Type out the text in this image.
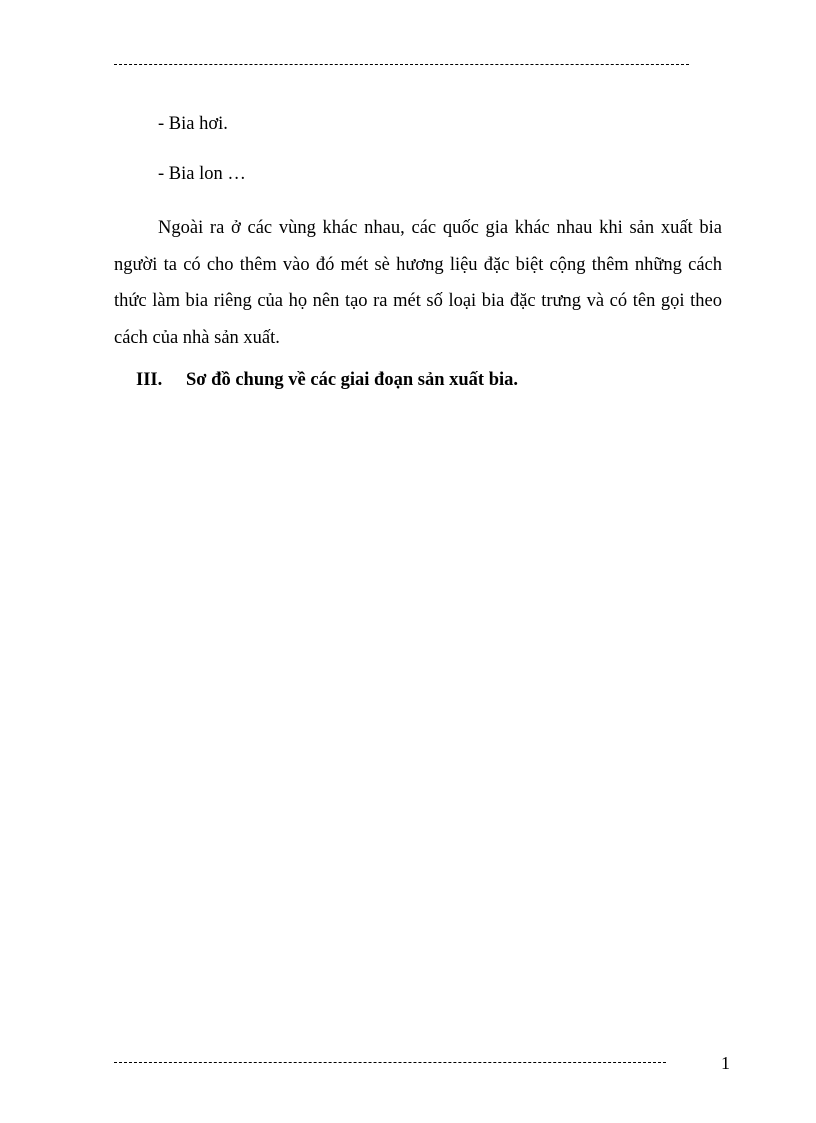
- Bia hơi.
- Bia lon …
Ngoài ra ở các vùng khác nhau, các quốc gia khác nhau khi sản xuất bia
người ta có cho thêm vào đó mét sè hương liệu đặc biệt cộng thêm những cách
thức làm bia riêng của họ nên tạo ra mét số loại bia đặc trưng và có tên gọi theo
cách của nhà sản xuất.
III. Sơ đồ chung về các giai đoạn sản xuất bia.
1
